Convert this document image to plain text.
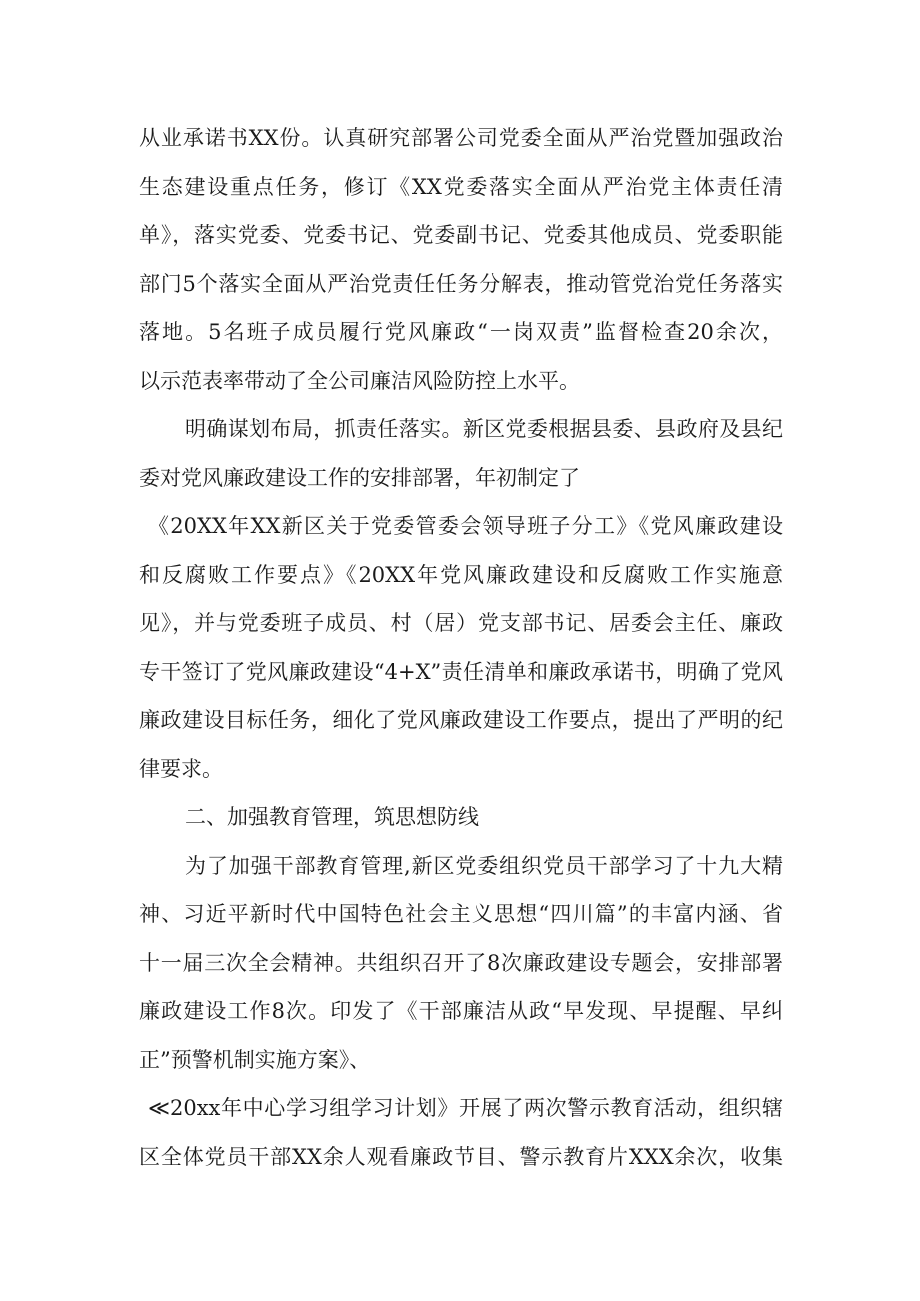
从业承诺书XX份。认真研究部署公司党委全面从严治党暨加强政治
生态建设重点任务，修订《XX党委落实全面从严治党主体责任清
单》，落实党委、党委书记、党委副书记、党委其他成员、党委职能
部门5个落实全面从严治党责任任务分解表，推动管党治党任务落实
落地。5名班子成员履行党风廉政“一岗双责”监督检查20余次，
以示范表率带动了全公司廉洁风险防控上水平。
明确谋划布局，抓责任落实。新区党委根据县委、县政府及县纪
委对党风廉政建设工作的安排部署，年初制定了
《20XX年XX新区关于党委管委会领导班子分工》《党风廉政建设
和反腐败工作要点》《20XX年党风廉政建设和反腐败工作实施意
见》，并与党委班子成员、村（居）党支部书记、居委会主任、廉政
专干签订了党风廉政建设“4+X”责任清单和廉政承诺书，明确了党风
廉政建设目标任务，细化了党风廉政建设工作要点，提出了严明的纪
律要求。
二、加强教育管理，筑思想防线
为了加强干部教育管理,新区党委组织党员干部学习了十九大精
神、习近平新时代中国特色社会主义思想“四川篇”的丰富内涵、省
十一届三次全会精神。共组织召开了8次廉政建设专题会，安排部署
廉政建设工作8次。印发了《干部廉洁从政“早发现、早提醒、早纠
正”预警机制实施方案》、
≪20xx年中心学习组学习计划》开展了两次警示教育活动，组织辖
区全体党员干部XX余人观看廉政节目、警示教育片XXX余次，收集
